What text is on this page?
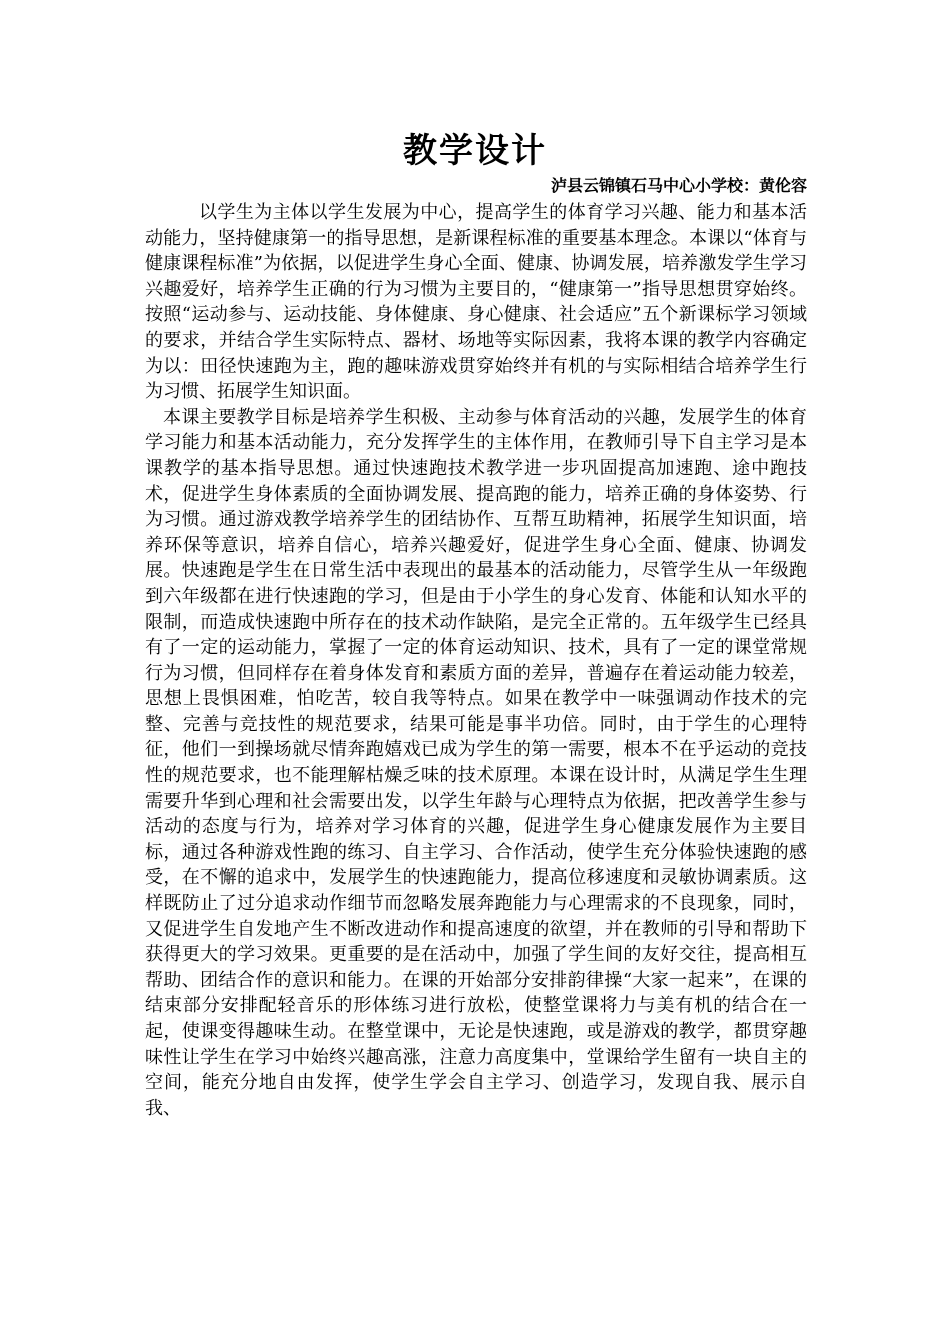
教学设计
泸县云锦镇石马中心小学校：黄伦容

以学生为主体以学生发展为中心，提高学生的体育学习兴趣、能力和基本活动能力，坚持健康第一的指导思想，是新课程标准的重要基本理念。本课以“体育与健康课程标准”为依据，以促进学生身心全面、健康、协调发展，培养激发学生学习兴趣爱好，培养学生正确的行为习惯为主要目的，“健康第一”指导思想贯穿始终。按照“运动参与、运动技能、身体健康、身心健康、社会适应”五个新课标学习领域的要求，并结合学生实际特点、器材、场地等实际因素，我将本课的教学内容确定为以：田径快速跑为主，跑的趣味游戏贯穿始终并有机的与实际相结合培养学生行为习惯、拓展学生知识面。

本课主要教学目标是培养学生积极、主动参与体育活动的兴趣，发展学生的体育学习能力和基本活动能力，充分发挥学生的主体作用，在教师引导下自主学习是本课教学的基本指导思想。通过快速跑技术教学进一步巩固提高加速跑、途中跑技术，促进学生身体素质的全面协调发展、提高跑的能力，培养正确的身体姿势、行为习惯。通过游戏教学培养学生的团结协作、互帮互助精神，拓展学生知识面，培养环保等意识，培养自信心，培养兴趣爱好，促进学生身心全面、健康、协调发展。快速跑是学生在日常生活中表现出的最基本的活动能力，尽管学生从一年级跑到六年级都在进行快速跑的学习，但是由于小学生的身心发育、体能和认知水平的限制，而造成快速跑中所存在的技术动作缺陷，是完全正常的。五年级学生已经具有了一定的运动能力，掌握了一定的体育运动知识、技术，具有了一定的课堂常规行为习惯，但同样存在着身体发育和素质方面的差异，普遍存在着运动能力较差，思想上畏惧困难，怕吃苦，较自我等特点。如果在教学中一味强调动作技术的完整、完善与竞技性的规范要求，结果可能是事半功倍。同时，由于学生的心理特征，他们一到操场就尽情奔跑嬉戏已成为学生的第一需要，根本不在乎运动的竞技性的规范要求，也不能理解枯燥乏味的技术原理。本课在设计时，从满足学生生理需要升华到心理和社会需要出发，以学生年龄与心理特点为依据，把改善学生参与活动的态度与行为，培养对学习体育的兴趣，促进学生身心健康发展作为主要目标，通过各种游戏性跑的练习、自主学习、合作活动，使学生充分体验快速跑的感受，在不懈的追求中，发展学生的快速跑能力，提高位移速度和灵敏协调素质。这样既防止了过分追求动作细节而忽略发展奔跑能力与心理需求的不良现象，同时，又促进学生自发地产生不断改进动作和提高速度的欲望，并在教师的引导和帮助下获得更大的学习效果。更重要的是在活动中，加强了学生间的友好交往，提高相互帮助、团结合作的意识和能力。在课的开始部分安排韵律操“大家一起来”，在课的结束部分安排配轻音乐的形体练习进行放松，使整堂课将力与美有机的结合在一起，使课变得趣味生动。在整堂课中，无论是快速跑，或是游戏的教学，都贯穿趣味性让学生在学习中始终兴趣高涨，注意力高度集中，堂课给学生留有一块自主的空间，能充分地自由发挥，使学生学会自主学习、创造学习，发现自我、展示自我、
